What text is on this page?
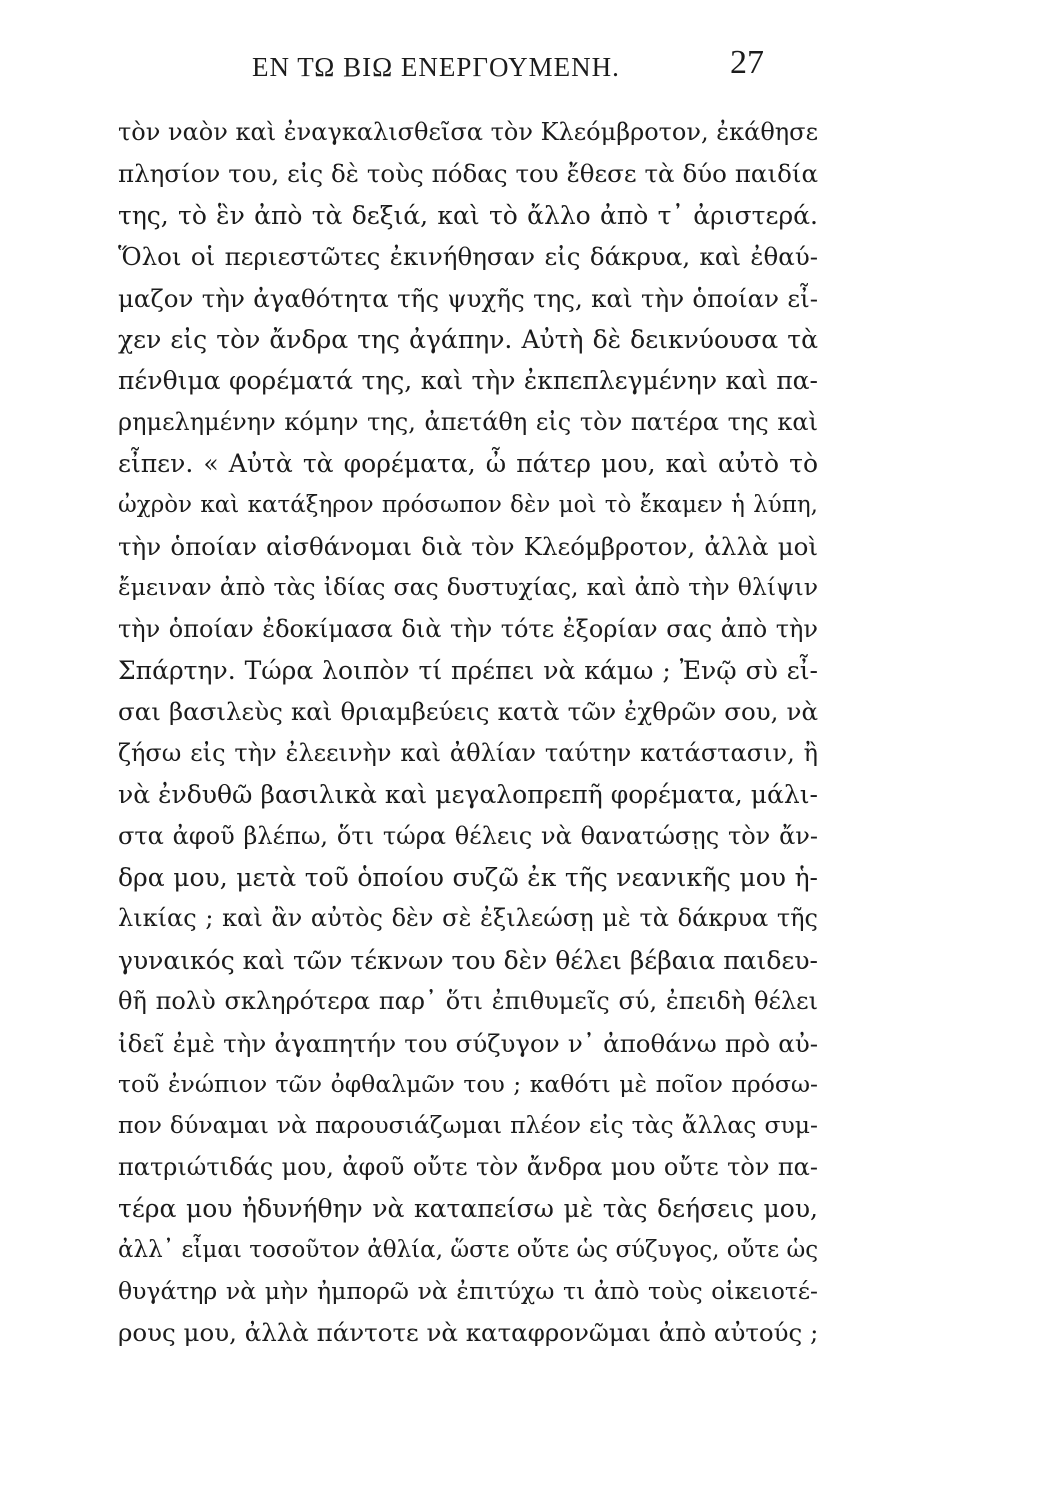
ΕΝ ΤΩ ΒΙΩ ΕΝΕΡΓΟΥΜΕΝΗ.	27
τὸν ναὸν καὶ ἐναγκαλισθεῖσα τὸν Κλεόμβροτον, ἐκάθησε
πλησίον του, εἰς δὲ τοὺς πόδας του ἔθεσε τὰ δύο παιδία
της, τὸ ἓν ἀπὸ τὰ δεξιά, καὶ τὸ ἄλλο ἀπὸ τ᾽ ἀριστερά.
Ὅλοι οἱ περιεστῶτες ἐκινήθησαν εἰς δάκρυα, καὶ ἐθαύ-
μαζον τὴν ἀγαθότητα τῆς ψυχῆς της, καὶ τὴν ὁποίαν εἶ-
χεν εἰς τὸν ἄνδρα της ἀγάπην. Αὐτὴ δὲ δεικνύουσα τὰ
πένθιμα φορέματά της, καὶ τὴν ἐκπεπλεγμένην καὶ πα-
ρημελημένην κόμην της, ἀπετάθη εἰς τὸν πατέρα της καὶ
εἶπεν. « Αὐτὰ τὰ φορέματα, ὦ πάτερ μου, καὶ αὐτὸ τὸ
ὠχρὸν καὶ κατάξηρον πρόσωπον δὲν μοὶ τὸ ἔκαμεν ἡ λύπη,
τὴν ὁποίαν αἰσθάνομαι διὰ τὸν Κλεόμβροτον, ἀλλὰ μοὶ
ἔμειναν ἀπὸ τὰς ἰδίας σας δυστυχίας, καὶ ἀπὸ τὴν θλίψιν
τὴν ὁποίαν ἐδοκίμασα διὰ τὴν τότε ἐξορίαν σας ἀπὸ τὴν
Σπάρτην. Τώρα λοιπὸν τί πρέπει νὰ κάμω ; Ἐνῷ σὺ εἶ-
σαι βασιλεὺς καὶ θριαμβεύεις κατὰ τῶν ἐχθρῶν σου, νὰ
ζήσω εἰς τὴν ἐλεεινὴν καὶ ἀθλίαν ταύτην κατάστασιν, ἢ
νὰ ἐνδυθῶ βασιλικὰ καὶ μεγαλοπρεπῆ φορέματα, μάλι-
στα ἀφοῦ βλέπω, ὅτι τώρα θέλεις νὰ θανατώσῃς τὸν ἄν-
δρα μου, μετὰ τοῦ ὁποίου συζῶ ἐκ τῆς νεανικῆς μου ἡ-
λικίας ; καὶ ἂν αὐτὸς δὲν σὲ ἐξιλεώσῃ μὲ τὰ δάκρυα τῆς
γυναικός καὶ τῶν τέκνων του δὲν θέλει βέβαια παιδευ-
θῆ πολὺ σκληρότερα παρ᾽ ὅτι ἐπιθυμεῖς σύ, ἐπειδὴ θέλει
ἰδεῖ ἐμὲ τὴν ἀγαπητήν του σύζυγον ν᾽ ἀποθάνω πρὸ αὐ-
τοῦ ἐνώπιον τῶν ὀφθαλμῶν του ; καθότι μὲ ποῖον πρόσω-
πον δύναμαι νὰ παρουσιάζωμαι πλέον εἰς τὰς ἄλλας συμ-
πατριώτιδάς μου, ἀφοῦ οὔτε τὸν ἄνδρα μου οὔτε τὸν πα-
τέρα μου ἠδυνήθην νὰ καταπείσω μὲ τὰς δεήσεις μου,
ἀλλ᾽ εἶμαι τοσοῦτον ἀθλία, ὥστε οὔτε ὡς σύζυγος, οὔτε ὡς
θυγάτηρ νὰ μὴν ἠμπορῶ νὰ ἐπιτύχω τι ἀπὸ τοὺς οἰκειοτέ-
ρους μου, ἀλλὰ πάντοτε νὰ καταφρονῶμαι ἀπὸ αὐτούς ;
